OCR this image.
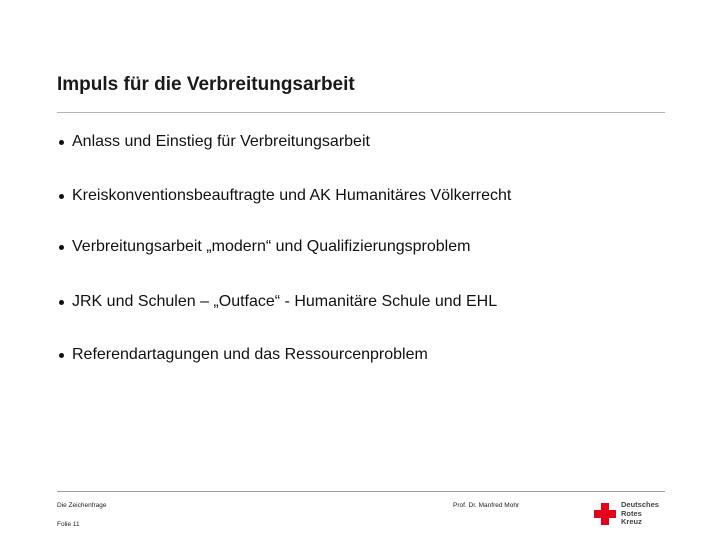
Impuls für die Verbreitungsarbeit
Anlass und Einstieg für Verbreitungsarbeit
Kreiskonventionsbeauftragte und AK Humanitäres Völkerrecht
Verbreitungsarbeit „modern“ und Qualifizierungsproblem
JRK und Schulen – „Outface“ - Humanitäre Schule und EHL
Referendartagungen und das Ressourcenproblem
Die Zeichenfrage
Folie 11
Prof. Dr. Manfred Mohr	Deutsches
Rotes
Kreuz
